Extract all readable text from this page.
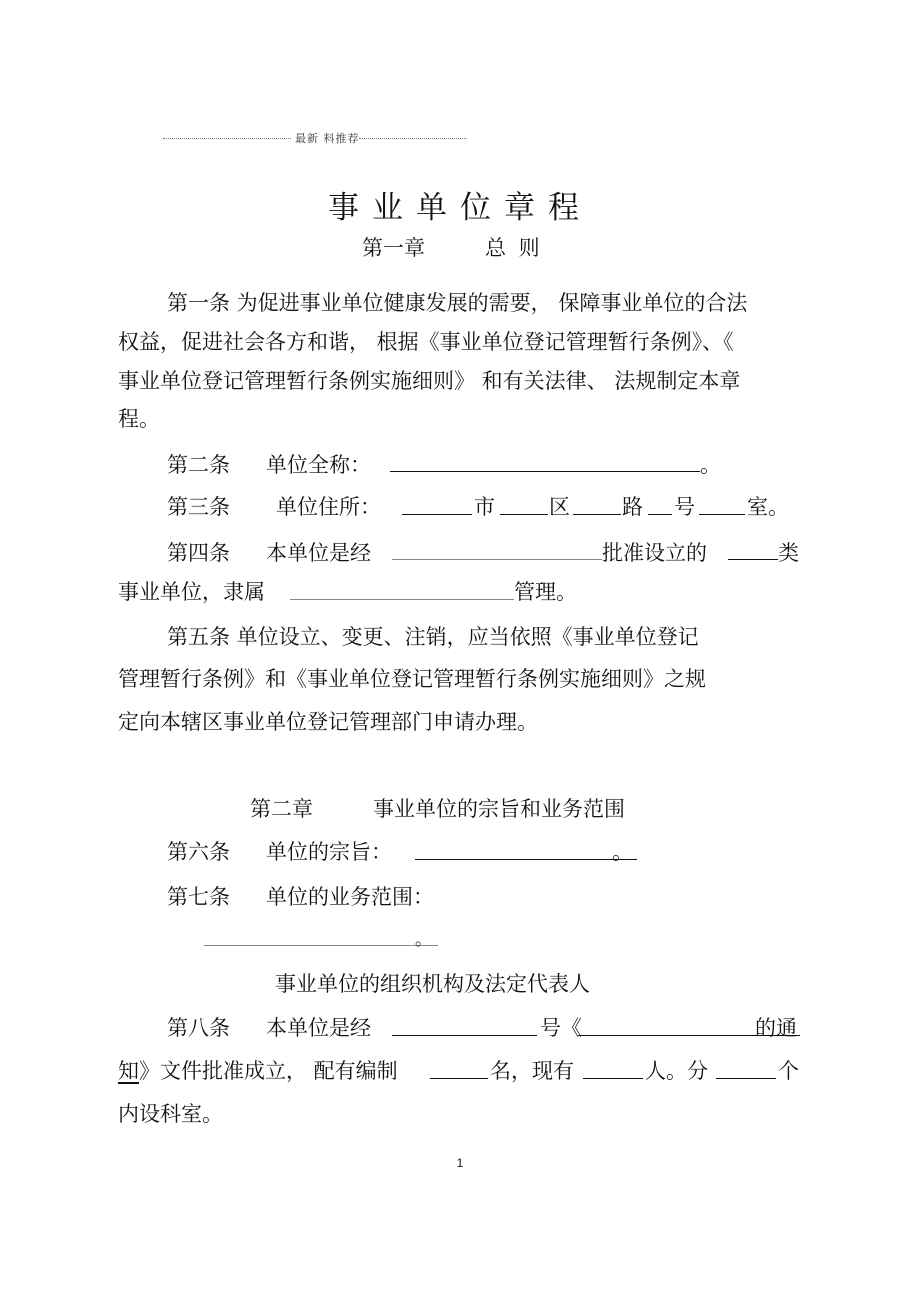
最新 料推荐
事业单位章程
第一章	总 则
第一条 为促进事业单位健康发展的需要， 保障事业单位的合法
权益，促进社会各方和谐， 根据《事业单位登记管理暂行条例》、《
事业单位登记管理暂行条例实施细则》 和有关法律、 法规制定本章
程。
第二条 单位全称：	。
第三条 单位住所：	市	区 路 号 室。
第四条 本单位是经	批准设立的	类
事业单位，隶属	管理。
第五条 单位设立、变更、注销，应当依照《事业单位登记
管理暂行条例》和《事业单位登记管理暂行条例实施细则》之规
定向本辖区事业单位登记管理部门申请办理。
第二章	事业单位的宗旨和业务范围
第六条 单位的宗旨：	。
第七条 单位的业务范围：
。
事业单位的组织机构及法定代表人
第八条 本单位是经	号《	的通
知 》文件批准成立， 配有编制	名，现有	人。分	个
内设科室。
1
